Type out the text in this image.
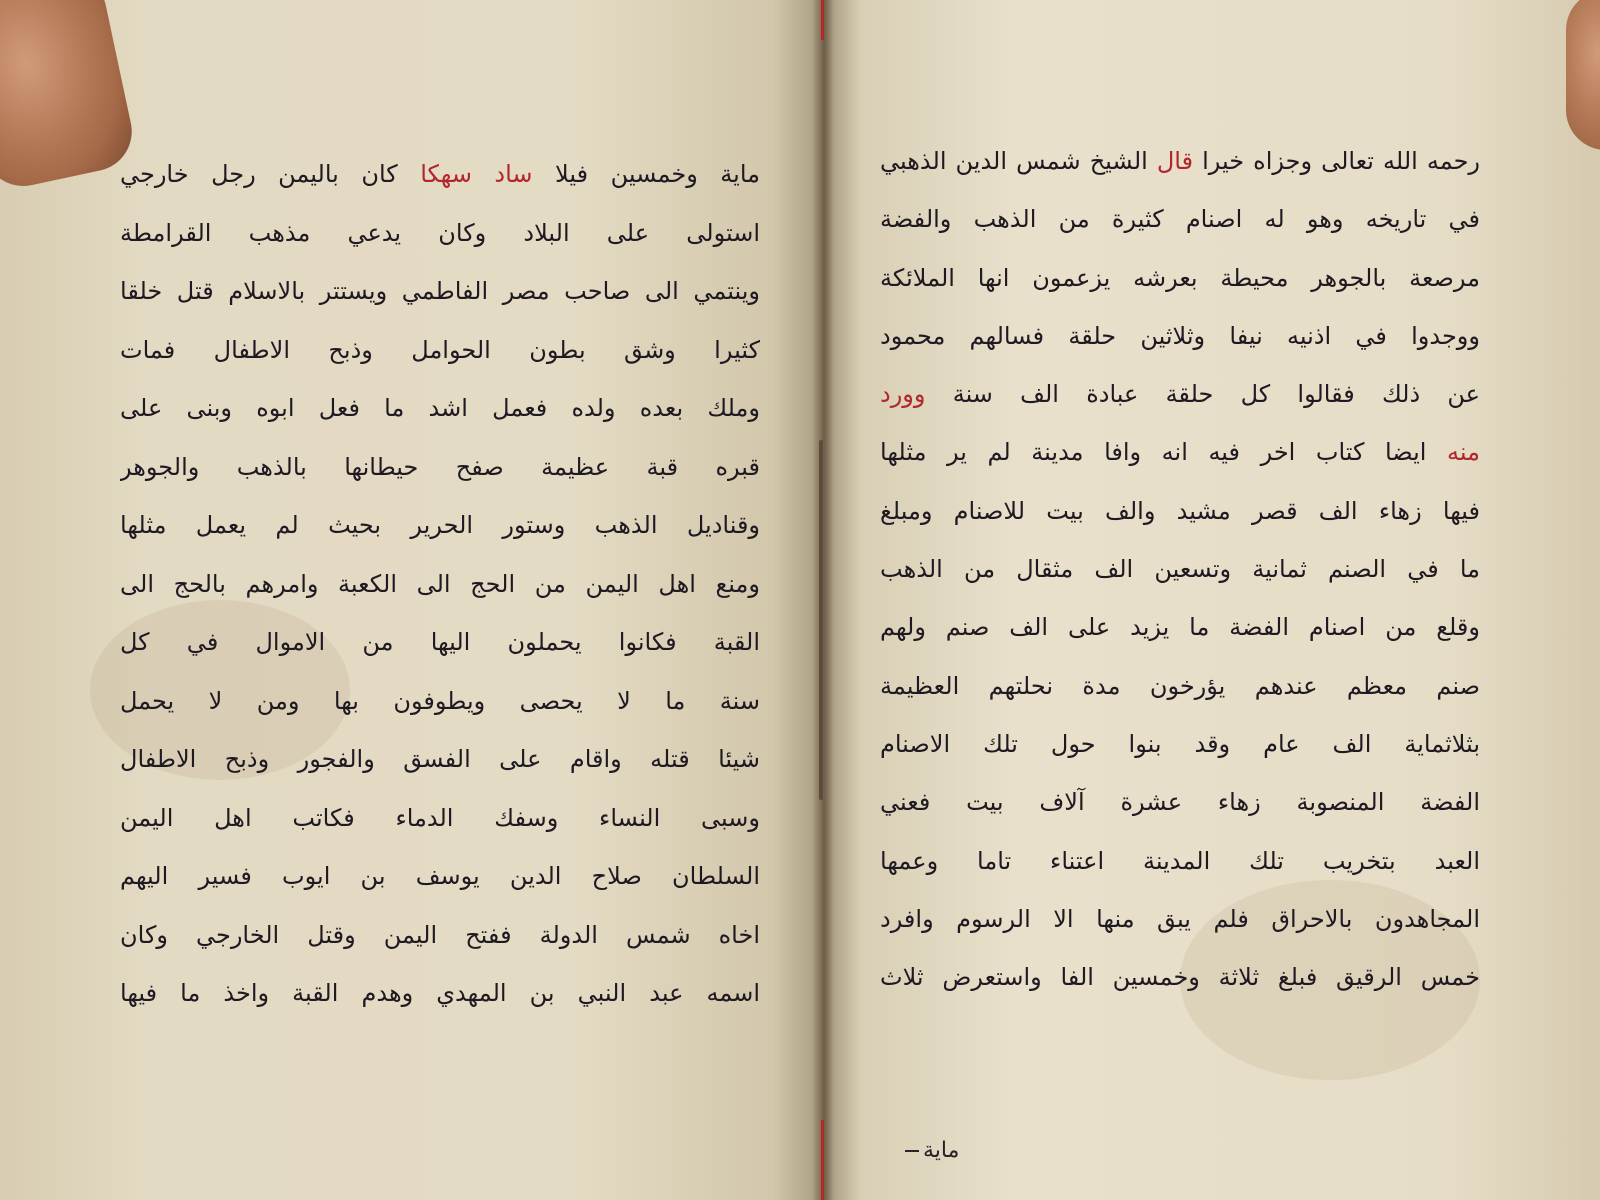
ماية وخمسين فيلا ساد سهكا كان باليمن رجل خارجي
استولى على البلاد وكان يدعي مذهب القرامطة
وينتمي الى صاحب مصر الفاطمي ويستتر بالاسلام قتل خلقا
كثيرا وشق بطون الحوامل وذبح الاطفال فمات
وملك بعده ولده فعمل اشد ما فعل ابوه وبنى على
قبره قبة عظيمة صفح حيطانها بالذهب والجوهر
وقناديل الذهب وستور الحرير بحيث لم يعمل مثلها
ومنع اهل اليمن من الحج الى الكعبة وامرهم بالحج الى
القبة فكانوا يحملون اليها من الاموال في كل
سنة ما لا يحصى ويطوفون بها ومن لا يحمل
شيئا قتله واقام على الفسق والفجور وذبح الاطفال
وسبى النساء وسفك الدماء فكاتب اهل اليمن
السلطان صلاح الدين يوسف بن ايوب فسير اليهم
اخاه شمس الدولة ففتح اليمن وقتل الخارجي وكان
اسمه عبد النبي بن المهدي وهدم القبة واخذ ما فيها
رحمه الله تعالى وجزاه خيرا قال الشيخ شمس الدين الذهبي
في تاريخه وهو له اصنام كثيرة من الذهب والفضة
مرصعة بالجوهر محيطة بعرشه يزعمون انها الملائكة
ووجدوا في اذنيه نيفا وثلاثين حلقة فسالهم محمود
عن ذلك فقالوا كل حلقة عبادة الف سنة وورد
منه ايضا كتاب اخر فيه انه وافا مدينة لم ير مثلها
فيها زهاء الف قصر مشيد والف بيت للاصنام ومبلغ
ما في الصنم ثمانية وتسعين الف مثقال من الذهب
وقلع من اصنام الفضة ما يزيد على الف صنم ولهم
صنم معظم عندهم يؤرخون مدة نحلتهم العظيمة
بثلاثماية الف عام وقد بنوا حول تلك الاصنام
الفضة المنصوبة زهاء عشرة آلاف بيت فعني
العبد بتخريب تلك المدينة اعتناء تاما وعمها
المجاهدون بالاحراق فلم يبق منها الا الرسوم وافرد
خمس الرقيق فبلغ ثلاثة وخمسين الفا واستعرض ثلاث
ماية
